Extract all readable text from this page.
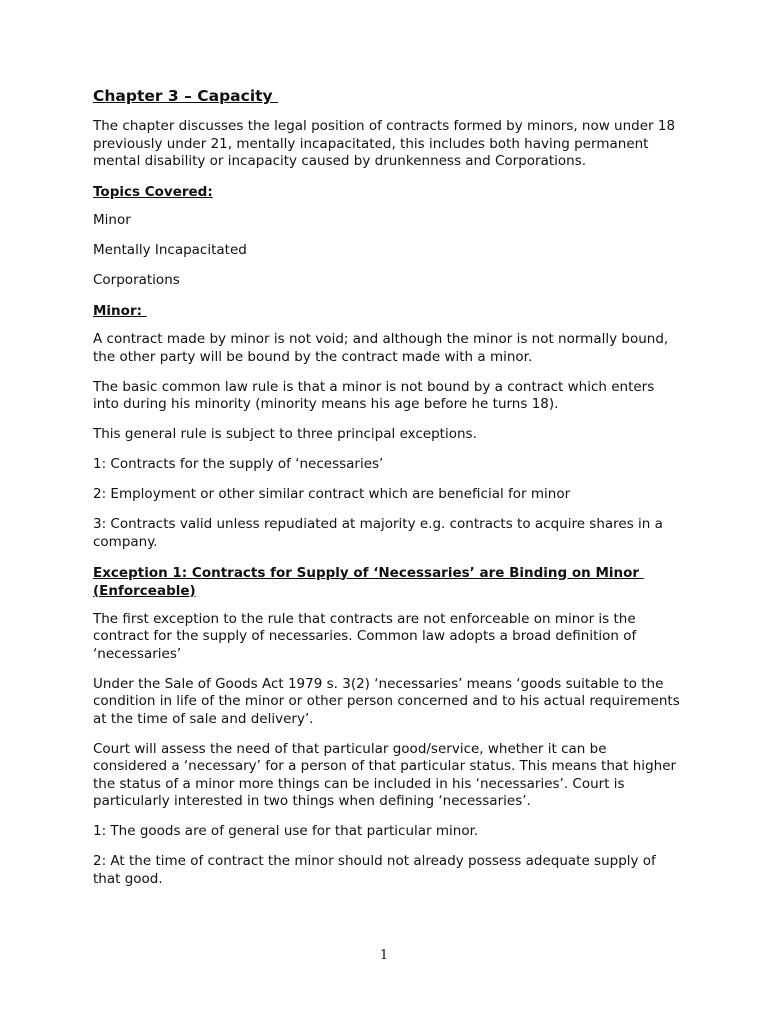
Chapter 3 – Capacity

The chapter discusses the legal position of contracts formed by minors, now under 18 previously under 21, mentally incapacitated, this includes both having permanent mental disability or incapacity caused by drunkenness and Corporations.

Topics Covered:

Minor

Mentally Incapacitated

Corporations

Minor:

A contract made by minor is not void; and although the minor is not normally bound, the other party will be bound by the contract made with a minor.

The basic common law rule is that a minor is not bound by a contract which enters into during his minority (minority means his age before he turns 18).

This general rule is subject to three principal exceptions.

1: Contracts for the supply of ‘necessaries’

2: Employment or other similar contract which are beneficial for minor

3: Contracts valid unless repudiated at majority e.g. contracts to acquire shares in a company.

Exception 1: Contracts for Supply of ‘Necessaries’ are Binding on Minor (Enforceable)

The first exception to the rule that contracts are not enforceable on minor is the contract for the supply of necessaries. Common law adopts a broad definition of ‘necessaries’

Under the Sale of Goods Act 1979 s. 3(2) ‘necessaries’ means ‘goods suitable to the condition in life of the minor or other person concerned and to his actual requirements at the time of sale and delivery’.

Court will assess the need of that particular good/service, whether it can be considered a ‘necessary’ for a person of that particular status. This means that higher the status of a minor more things can be included in his ‘necessaries’. Court is particularly interested in two things when defining ‘necessaries’.

1: The goods are of general use for that particular minor.

2: At the time of contract the minor should not already possess adequate supply of that good.

1
